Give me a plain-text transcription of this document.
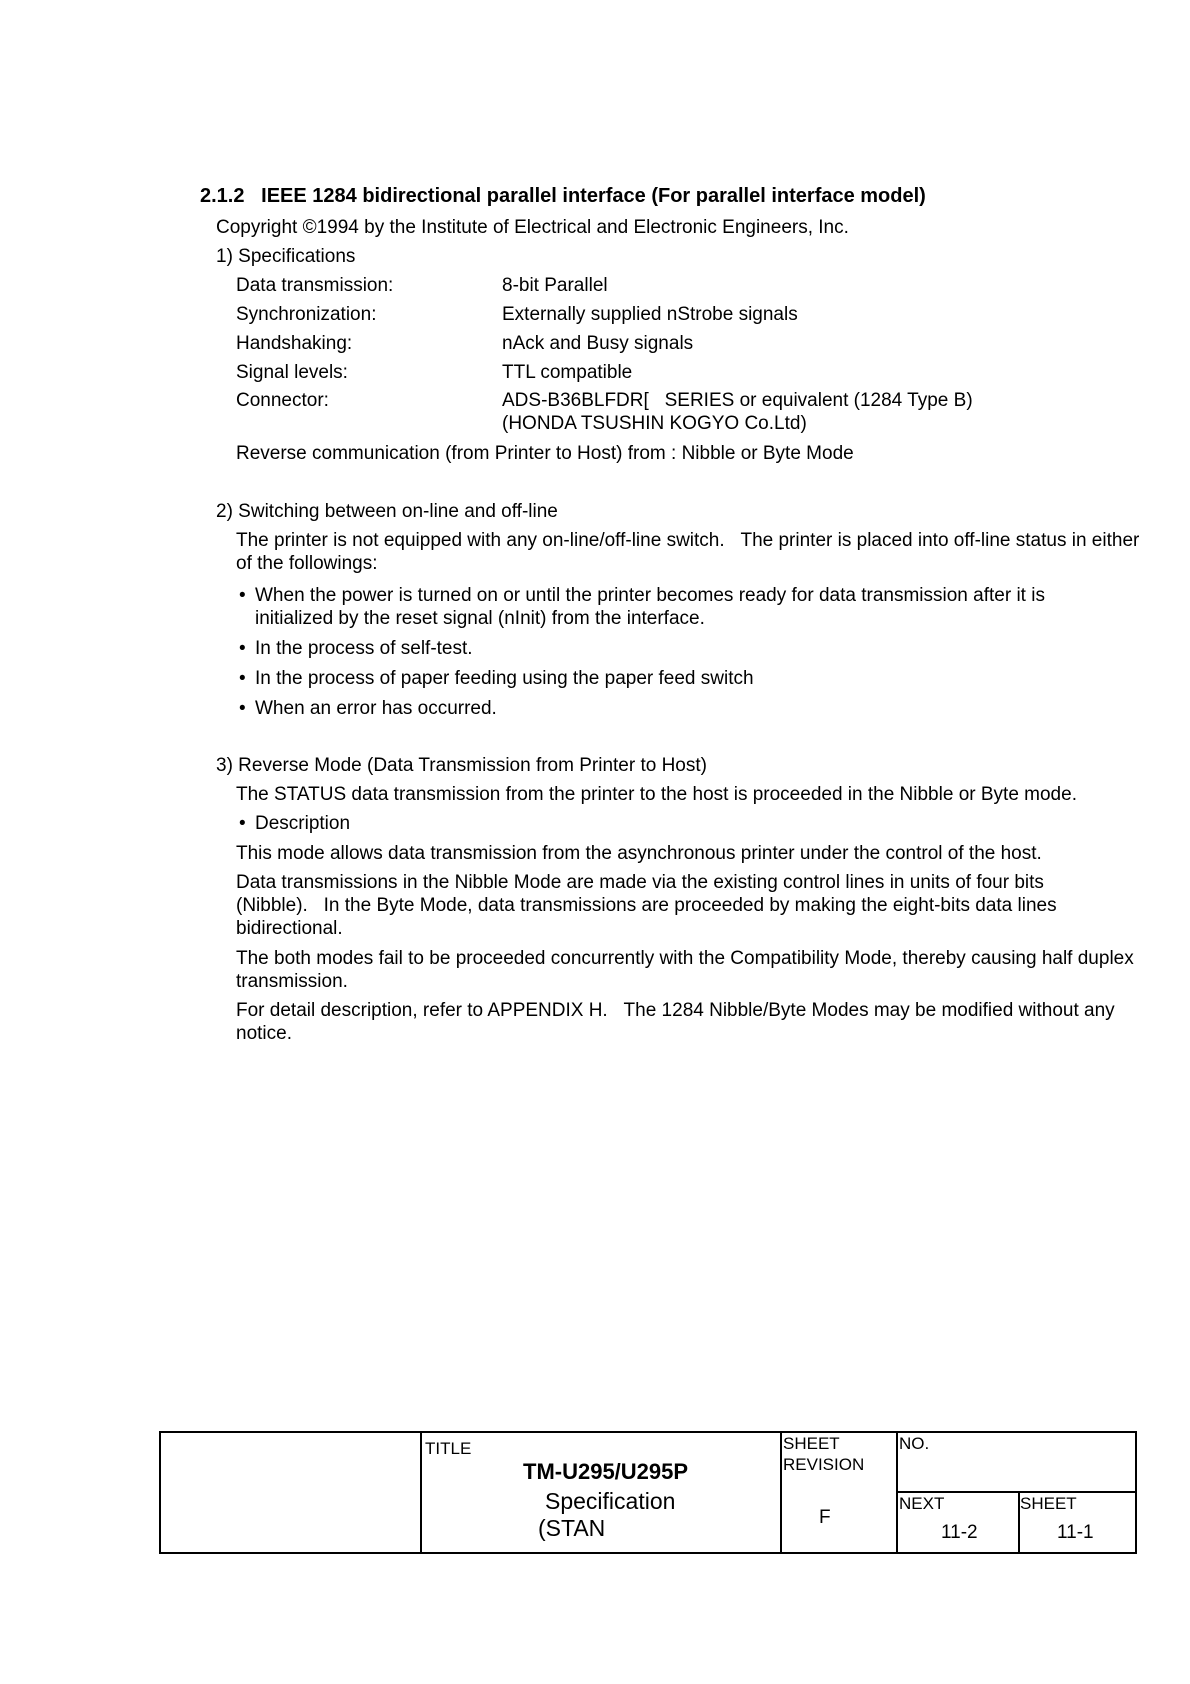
2.1.2   IEEE 1284 bidirectional parallel interface (For parallel interface model)
Copyright ©1994 by the Institute of Electrical and Electronic Engineers, Inc.
1) Specifications
Data transmission:	8-bit Parallel
Synchronization:	Externally supplied nStrobe signals
Handshaking:	nAck and Busy signals
Signal levels:	TTL compatible
Connector:	ADS-B36BLFDR[   SERIES or equivalent (1284 Type B)
(HONDA TSUSHIN KOGYO Co.Ltd)
Reverse communication (from Printer to Host) from : Nibble or Byte Mode
2) Switching between on-line and off-line
The printer is not equipped with any on-line/off-line switch.   The printer is placed into off-line status in either of the followings:
• When the power is turned on or until the printer becomes ready for data transmission after it is initialized by the reset signal (nInit) from the interface.
• In the process of self-test.
• In the process of paper feeding using the paper feed switch
• When an error has occurred.
3) Reverse Mode (Data Transmission from Printer to Host)
The STATUS data transmission from the printer to the host is proceeded in the Nibble or Byte mode.
• Description
This mode allows data transmission from the asynchronous printer under the control of the host.
Data transmissions in the Nibble Mode are made via the existing control lines in units of four bits (Nibble).   In the Byte Mode, data transmissions are proceeded by making the eight-bits data lines bidirectional.
The both modes fail to be proceeded concurrently with the Compatibility Mode, thereby causing half duplex transmission.
For detail description, refer to APPENDIX H.   The 1284 Nibble/Byte Modes may be modified without any notice.
TITLE
TM-U295/U295P
Specification
(STAN
SHEET
REVISION
F
NO.
NEXT	SHEET
11-2	11-1
